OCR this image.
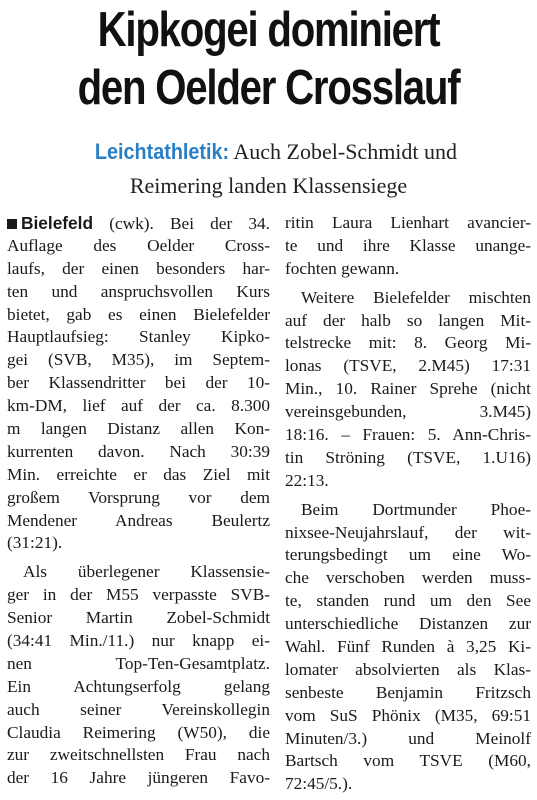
Kipkogei dominiert
den Oelder Crosslauf
Leichtathletik: Auch Zobel-Schmidt und
Reimering landen Klassensiege
Bielefeld (cwk). Bei der 34.
Auflage des Oelder Cross-
laufs, der einen besonders har-
ten und anspruchsvollen Kurs
bietet, gab es einen Bielefelder
Hauptlaufsieg: Stanley Kipko-
gei (SVB, M35), im Septem-
ber Klassendritter bei der 10-
km-DM, lief auf der ca. 8.300
m langen Distanz allen Kon-
kurrenten davon. Nach 30:39
Min. erreichte er das Ziel mit
großem Vorsprung vor dem
Mendener Andreas Beulertz
(31:21).
Als überlegener Klassensie-
ger in der M55 verpasste SVB-
Senior Martin Zobel-Schmidt
(34:41 Min./11.) nur knapp ei-
nen Top-Ten-Gesamtplatz.
Ein Achtungserfolg gelang
auch seiner Vereinskollegin
Claudia Reimering (W50), die
zur zweitschnellsten Frau nach
der 16 Jahre jüngeren Favo-
ritin Laura Lienhart avancier-
te und ihre Klasse unange-
fochten gewann.
Weitere Bielefelder mischten
auf der halb so langen Mit-
telstrecke mit: 8. Georg Mi-
lonas (TSVE, 2.M45) 17:31
Min., 10. Rainer Sprehe (nicht
vereinsgebunden, 3.M45)
18:16. – Frauen: 5. Ann-Chris-
tin Ströning (TSVE, 1.U16)
22:13.
Beim Dortmunder Phoe-
nixsee-Neujahrslauf, der wit-
terungsbedingt um eine Wo-
che verschoben werden muss-
te, standen rund um den See
unterschiedliche Distanzen zur
Wahl. Fünf Runden à 3,25 Ki-
lomater absolvierten als Klas-
senbeste Benjamin Fritzsch
vom SuS Phönix (M35, 69:51
Minuten/3.) und Meinolf
Bartsch vom TSVE (M60,
72:45/5.).
